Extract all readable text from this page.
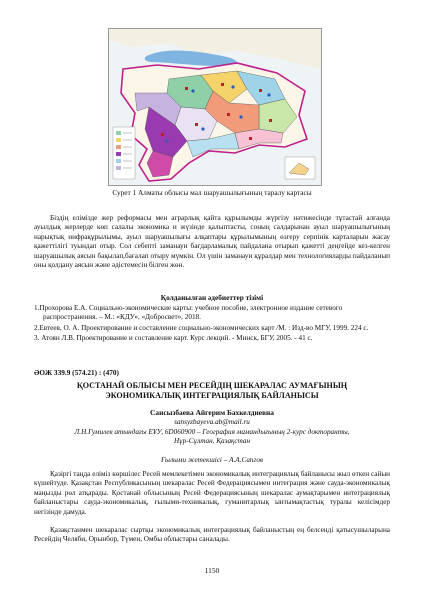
Сурет 1 Алматы облысы мал шаруашылығының таралу картасы

Біздің елімізде жер реформасы мен аграрлық қайта құрылымды жүргізу нәтижесінде тұтастай алғанда ауылдық жерлерде көп салалы экономика и жүзінде қалыптасты, соның салдарынан ауыл шаруашылығының нарықтық инфрақұрылымы, ауыл шаруашылығы алқаптары құрылымының өзгеру серпінік карталарын жасау қажеттілігі туындап отыр. Сол себепті заманауи бағдарламалық пайдалана отырып қажетті деңгейде кез-келген шаруашылық аясын бақылап,бағалап отыру мүмкін. Ол үшін заманауи құралдар мен технологияларды пайдаланып оны қолдану аясын және әдістемесін білген жөн.

Қолданылған әдебиеттер тізімі

1.Прохорова Е.А. Социально-экономические карты: учебное пособие, электронное издание сетевого распространения. – М.: «КДУ», «Добросвет», 2018.

2.Евтеев, О. А. Проектирование и составление социально-экономических карт /М. : Изд-во МГУ, 1999. 224 с.

3. Атоян Л.В. Проектирование и составление карт. Курс лекций. - Минск, БГУ, 2005. - 41 с.

ӘОЖ 339.9 (574.21) : (470)
ҚОСТАНАЙ ОБЛЫСЫ МЕН РЕСЕЙДІҢ ШЕКАРАЛАС АУМАҒЫНЫҢ
ЭКОНОМИКАЛЫҚ ИНТЕГРАЦИЯЛЫҚ БАЙЛАНЫСЫ
Сансызбаева Айгерим Бахкелдиевна
sansyzbayeva.ab@mail.ru
Л.Н.Гумилев атындағы ЕҰУ, 6D060900 – География мамандығының 2-курс докторанты,
Нұр-Сұлтан, Қазақстан
Ғылыми жетекшісі – А.А.Сапгов

Қазіргі таңда еліміз көршілес Ресей мемлекетімен экономикалық интеграциялық байланысы жыл өткен сайын күшейтуде. Қазақстан Республикасының шекаралас Ресей Федерациясымен интеграция және сауда-экономикалық маңызды рөл атқарады. Қостанай облысының Ресей Федерациясының шекаралас аумақтарымен интеграциялық байланыстары сауда-экономикалық, ғылыми-техникалық, гуманитарлық ынтымақтастық туралы келісімдер негізінде дамуда.

Қазақстанмен шекаралас сыртқы экономикалық интеграциялық байланыстың ең белсенді қатысушыларына Ресейдің Челяби, Орынбор, Түмен, Омбы облыстары саналады.

1150
